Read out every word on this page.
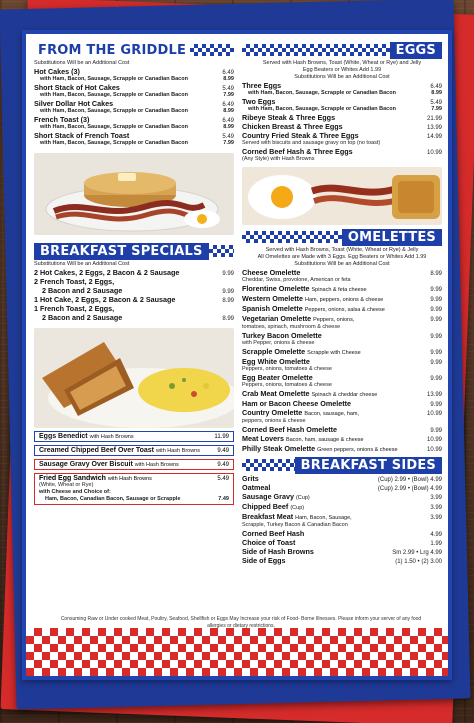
FROM THE GRIDDLE
Substitutions Will be an Additional Cost
Hot Cakes (3)	6.49
with Ham, Bacon, Sausage, Scrapple or Canadian Bacon	8.99
Short Stack of Hot Cakes	5.49
with Ham, Bacon, Sausage, Scrapple or Canadian Bacon	7.99
Silver Dollar Hot Cakes	6.49
with Ham, Bacon, Sausage, Scrapple or Canadian Bacon	8.99
French Toast (3)	6.49
with Ham, Bacon, Sausage, Scrapple or Canadian Bacon	8.99
Short Stack of French Toast	5.49
with Ham, Bacon, Sausage, Scrapple or Canadian Bacon	7.99
BREAKFAST SPECIALS
Substitutions Will be an Additional Cost
2 Hot Cakes, 2 Eggs, 2 Bacon & 2 Sausage	9.99
2 French Toast, 2 Eggs,
2 Bacon and 2 Sausage	9.99
1 Hot Cake, 2 Eggs, 2 Bacon & 2 Sausage	8.99
1 French Toast, 2 Eggs,
2 Bacon and 2 Sausage	8.99
Eggs Benedict with Hash Browns	11.99
Creamed Chipped Beef Over Toast with Hash Browns	9.49
Sausage Gravy Over Biscuit with Hash Browns	9.49
Fried Egg Sandwich with Hash Browns	5.49
(White, Wheat or Rye)
with Cheese and Choice of:
Ham, Bacon, Canadian Bacon, Sausage or Scrapple	7.49
EGGS
Served with Hash Browns, Toast (White, Wheat or Rye) and Jelly
Egg Beaters or Whites Add 1.99
Substitutions Will be an Additional Cost
Three Eggs	6.49
with Ham, Bacon, Sausage, Scrapple or Canadian Bacon	8.99
Two Eggs	5.49
with Ham, Bacon, Sausage, Scrapple or Canadian Bacon	7.99
Ribeye Steak & Three Eggs	21.99
Chicken Breast & Three Eggs	13.99
Country Fried Steak & Three Eggs	14.99
Served with biscuits and sausage gravy on top (no toast)
Corned Beef Hash & Three Eggs	10.99
(Any Style) with Hash Browns
OMELETTES
Served with Hash Browns, Toast (White, Wheat or Rye) & Jelly
All Omelettes are Made with 3 Eggs. Egg Beaters or Whites Add 1.99
Substitutions Will be an Additional Cost
Cheese Omelette	8.99
Cheddar, Swiss, provolone, American or feta
Florentine Omelette Spinach & feta cheese	9.99
Western Omelette Ham, peppers, onions & cheese	9.99
Spanish Omelette Peppers, onions, salsa & cheese	9.99
Vegetarian Omelette Peppers, onions,	9.99
tomatoes, spinach, mushroom & cheese
Turkey Bacon Omelette	9.99
with Pepper, onions & cheese
Scrapple Omelette Scrapple with Cheese	9.99
Egg White Omelette	9.99
Peppers, onions, tomatoes & cheese
Egg Beater Omelette	9.99
Peppers, onions, tomatoes & cheese
Crab Meat Omelette Spinach & cheddar cheese	13.99
Ham or Bacon Cheese Omelette	9.99
Country Omelette Bacon, sausage, ham,	10.99
peppers, onions & cheese
Corned Beef Hash Omelette	9.99
Meat Lovers Bacon, ham, sausage & cheese	10.99
Philly Steak Omelette Green peppers, onions & cheese	10.99
BREAKFAST SIDES
Grits	(Cup) 2.99 • (Bowl) 4.99
Oatmeal	(Cup) 2.99 • (Bowl) 4.99
Sausage Gravy (Cup)	3.99
Chipped Beef (Cup)	3.99
Breakfast Meat Ham, Bacon, Sausage,	3.99
Scrapple, Turkey Bacon & Canadian Bacon
Corned Beef Hash	4.99
Choice of Toast	1.99
Side of Hash Browns	Sm 2.99 • Lrg 4.99
Side of Eggs	(1) 1.50 • (2) 3.00
Consuming Raw or Under cooked Meat, Poultry, Seafood, Shellfish or Eggs May Increase your risk of Food- Borne Illnesses. Please inform your server of any food allergies or dietary restrictions.
